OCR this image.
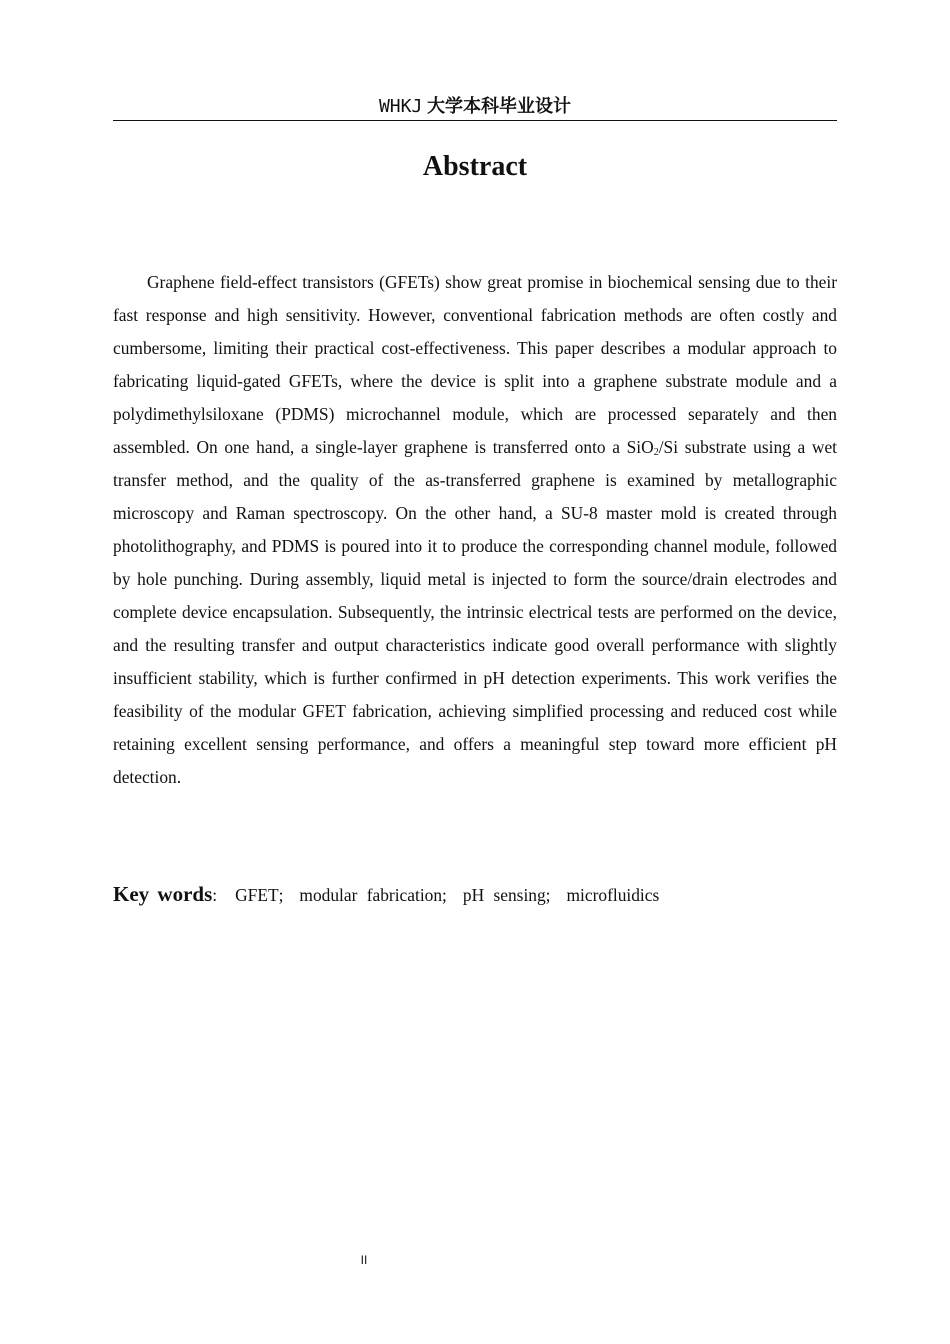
WHKJ 大学本科毕业设计
Abstract

Graphene field-effect transistors (GFETs) show great promise in biochemical sensing due to their fast response and high sensitivity. However, conventional fabrication methods are often costly and cumbersome, limiting their practical cost-effectiveness. This paper describes a modular approach to fabricating liquid-gated GFETs, where the device is split into a graphene substrate module and a polydimethylsiloxane (PDMS) microchannel module, which are processed separately and then assembled. On one hand, a single-layer graphene is transferred onto a SiO$_2$/Si substrate using a wet transfer method, and the quality of the as-transferred graphene is examined by metallographic microscopy and Raman spectroscopy. On the other hand, a SU-8 master mold is created through photolithography, and PDMS is poured into it to produce the corresponding channel module, followed by hole punching. During assembly, liquid metal is injected to form the source/drain electrodes and complete device encapsulation. Subsequently, the intrinsic electrical tests are performed on the device, and the resulting transfer and output characteristics indicate good overall performance with slightly insufficient stability, which is further confirmed in pH detection experiments. This work verifies the feasibility of the modular GFET fabrication, achieving simplified processing and reduced cost while retaining excellent sensing performance, and offers a meaningful step toward more efficient pH detection.

Key words: GFET; modular fabrication; pH sensing; microfluidics
II
